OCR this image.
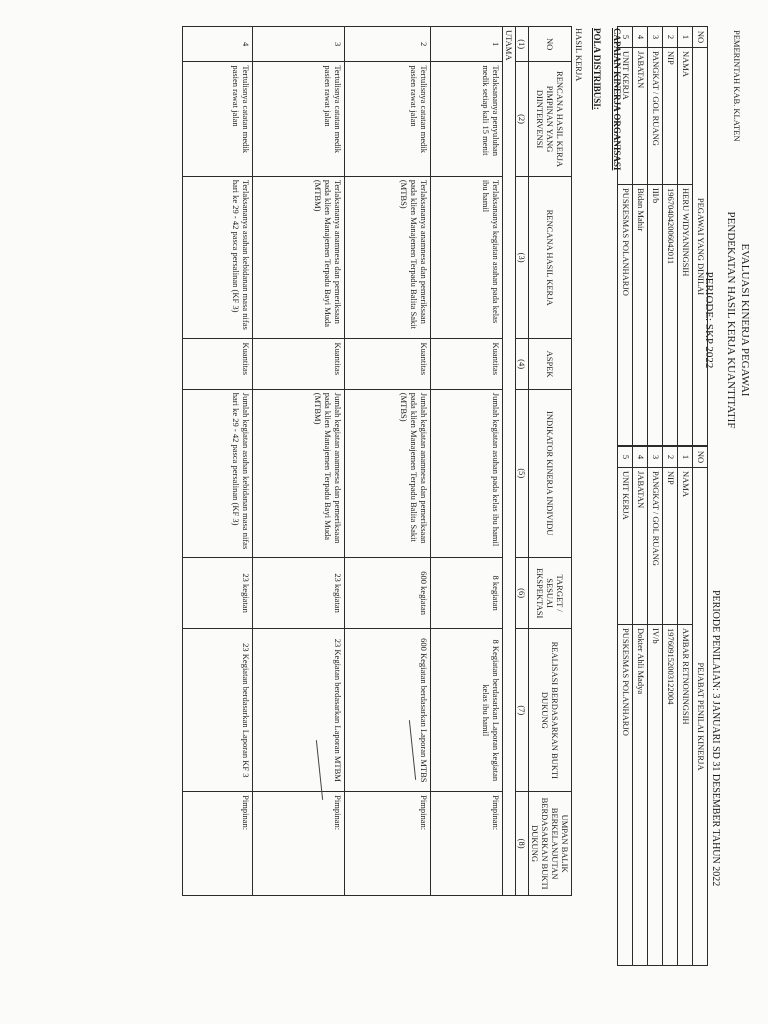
PEMERINTAH KAB. KLATEN
EVALUASI KINERJA PEGAWAI
PENDEKATAN HASIL KERJA KUANTITATIF
PERIODE: SKP 2022
PERIODE PENILAIAN: 3 JANUARI SD 31 DESEMBER TAHUN 2022
NO	PEGAWAI YANG DINILAI	
1	NAMA	HERU WIDYANINGSIH
2	NIP	196704042006042011
3	PANGKAT / GOL RUANG	III/b
4	JABATAN	Bidan Mahir
5	UNIT KERJA	PUSKESMAS POLANHARJO
NO	PEJABAT PENILAI KINERJA	
1	NAMA	AMBAR RETNONINGSIH
2	NIP	197609152003122004
3	PANGKAT / GOL RUANG	IV/b
4	JABATAN	Dokter Ahli Madya
5	UNIT KERJA	PUSKESMAS POLANHARJO
CAPAIAN KINERJA ORGANISASI
POLA DISTRIBUSI:
HASIL KERJA
NO	RENCANA HASIL KERJA PIMPINAN YANG DIINTERVENSI	RENCANA HASIL KERJA	ASPEK	INDIKATOR KINERJA INDIVIDU	TARGET / SESUAI EKSPEKTASI	REALISASI BERDASARKAN BUKTI DUKUNG	UMPAN BALIK BERKELANJUTAN BERDASARKAN BUKTI DUKUNG
(1)	(2)	(3)	(4)	(5)	(6)	(7)	(8)
UTAMA							
1	Terlaksananya penyuluhan medik setiap kali 15 menit	Terlaksananya kegiatan asuhan pada kelas ibu hamil	Kuantitas	Jumlah kegiatan asuhan pada kelas ibu hamil	8 kegiatan	8 Kegiatan berdasarkan Laporan kegiatan kelas ibu hamil	Pimpinan:
2	Tertulisnya catatan medik pasien rawat jalan	Terlaksananya anamnesa dan pemeriksaan pada klien Manajemen Terpadu Balita Sakit (MTBS)	Kuantitas	Jumlah kegiatan anamnesa dan pemeriksaan pada klien Manajemen Terpadu Balita Sakit (MTBS)	600 kegiatan	600 Kegiatan berdasarkan Laporan MTBS	Pimpinan:
3	Tertulisnya catatan medik pasien rawat jalan	Terlaksananya anamnesa dan pemeriksaan pada klien Manajemen Terpadu Bayi Muda (MTBM)	Kuantitas	Jumlah kegiatan anamnesa dan pemeriksaan pada klien Manajemen Terpadu Bayi Muda (MTBM)	23 kegiatan	23 Kegiatan berdasarkan Laporan MTBM	Pimpinan:
4	Tertulisnya catatan medik pasien rawat jalan	Terlaksananya asuhan kebidanan masa nifas hari ke 29 - 42 pasca persalinan (KF 3)	Kuantitas	Jumlah kegiatan asuhan kebidanan masa nifas hari ke 29 - 42 pasca persalinan (KF 3)	23 kegiatan	23 Kegiatan berdasarkan Laporan KF 3	Pimpinan:
